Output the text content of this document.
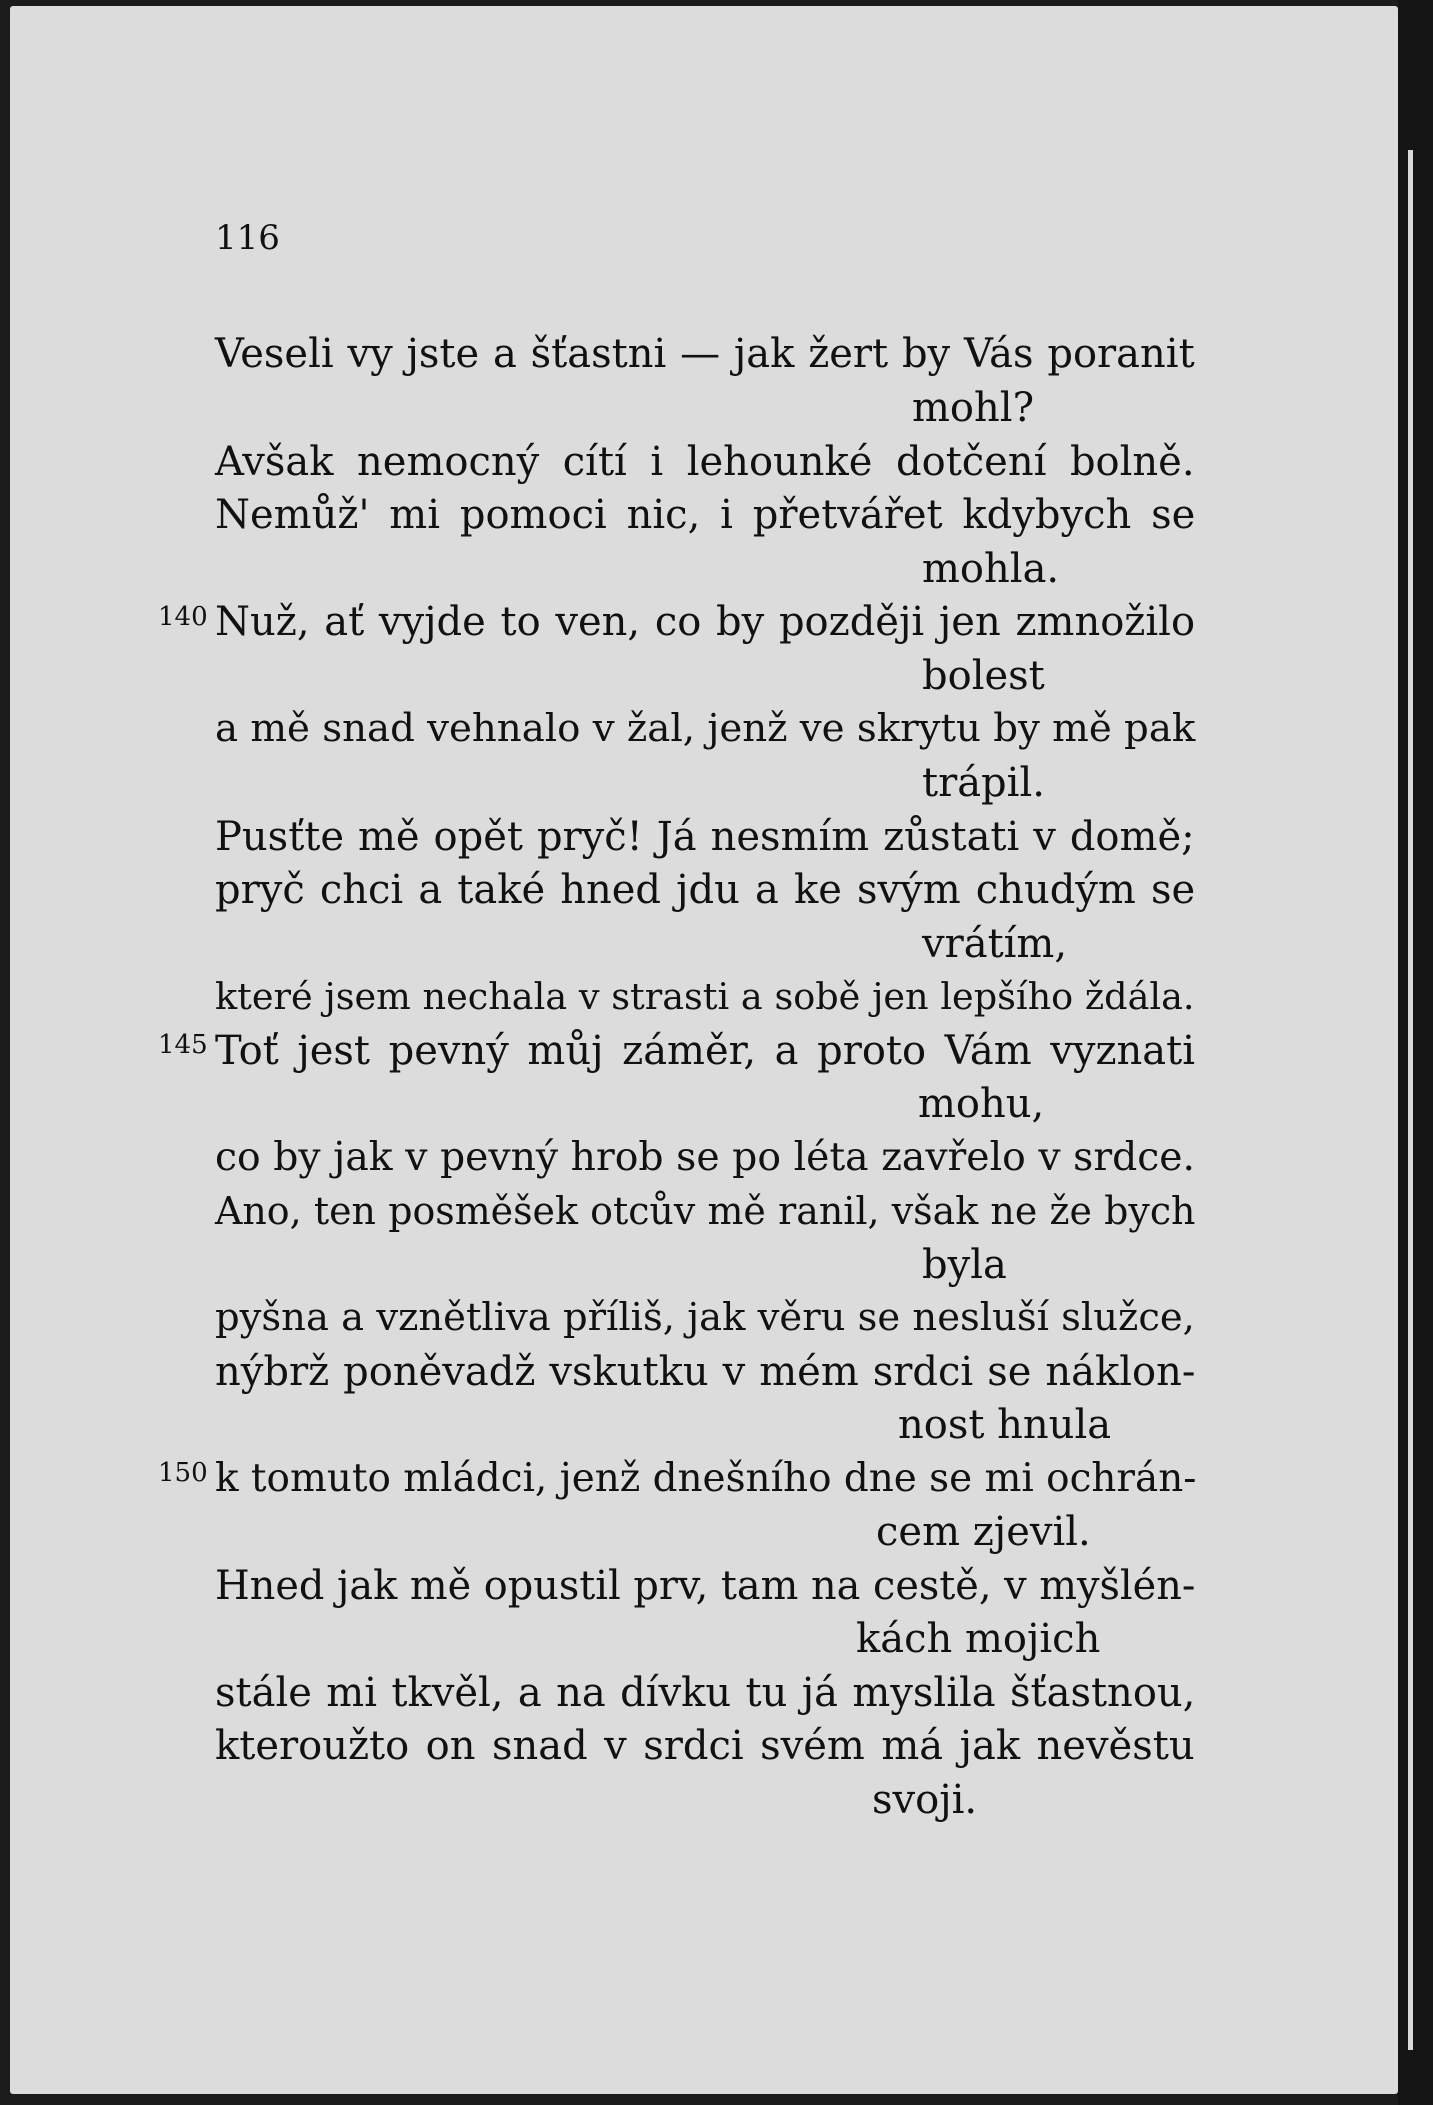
116
140
145
150
Veseli vy jste a šťastni — jak žert by Vás poranit
mohl?
Avšak nemocný cítí i lehounké dotčení bolně.
Nemůž' mi pomoci nic, i přetvářet kdybych se
mohla.
Nuž, ať vyjde to ven, co by později jen zmnožilo
bolest
a mě snad vehnalo v žal, jenž ve skrytu by mě pak
trápil.
Pusťte mě opět pryč! Já nesmím zůstati v domě;
pryč chci a také hned jdu a ke svým chudým se
vrátím,
které jsem nechala v strasti a sobě jen lepšího ždála.
Toť jest pevný můj záměr, a proto Vám vyznati
mohu,
co by jak v pevný hrob se po léta zavřelo v srdce.
Ano, ten posměšek otcův mě ranil, však ne že bych
byla
pyšna a vznětliva příliš, jak věru se nesluší služce,
nýbrž poněvadž vskutku v mém srdci se náklon-
nost hnula
k tomuto mládci, jenž dnešního dne se mi ochrán-
cem zjevil.
Hned jak mě opustil prv, tam na cestě, v myšlén-
kách mojich
stále mi tkvěl, a na dívku tu já myslila šťastnou,
kteroužto on snad v srdci svém má jak nevěstu
svoji.
